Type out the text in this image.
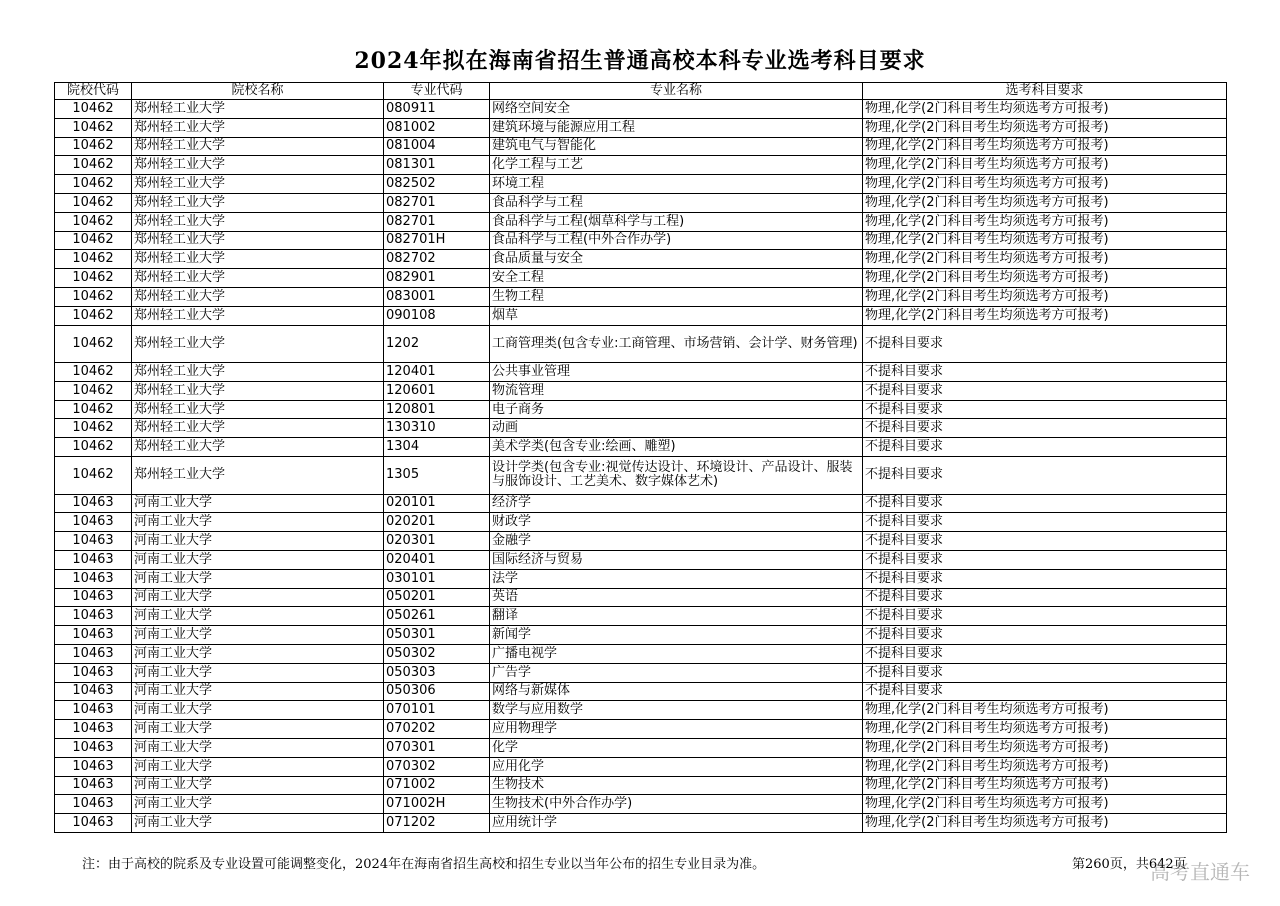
2024年拟在海南省招生普通高校本科专业选考科目要求
院校代码	院校名称	专业代码	专业名称	选考科目要求
10462	郑州轻工业大学	080911	网络空间安全	物理,化学(2门科目考生均须选考方可报考)
10462	郑州轻工业大学	081002	建筑环境与能源应用工程	物理,化学(2门科目考生均须选考方可报考)
10462	郑州轻工业大学	081004	建筑电气与智能化	物理,化学(2门科目考生均须选考方可报考)
10462	郑州轻工业大学	081301	化学工程与工艺	物理,化学(2门科目考生均须选考方可报考)
10462	郑州轻工业大学	082502	环境工程	物理,化学(2门科目考生均须选考方可报考)
10462	郑州轻工业大学	082701	食品科学与工程	物理,化学(2门科目考生均须选考方可报考)
10462	郑州轻工业大学	082701	食品科学与工程(烟草科学与工程)	物理,化学(2门科目考生均须选考方可报考)
10462	郑州轻工业大学	082701H	食品科学与工程(中外合作办学)	物理,化学(2门科目考生均须选考方可报考)
10462	郑州轻工业大学	082702	食品质量与安全	物理,化学(2门科目考生均须选考方可报考)
10462	郑州轻工业大学	082901	安全工程	物理,化学(2门科目考生均须选考方可报考)
10462	郑州轻工业大学	083001	生物工程	物理,化学(2门科目考生均须选考方可报考)
10462	郑州轻工业大学	090108	烟草	物理,化学(2门科目考生均须选考方可报考)
10462	郑州轻工业大学	1202	工商管理类(包含专业:工商管理、市场营销、会计学、财务管理)	不提科目要求
10462	郑州轻工业大学	120401	公共事业管理	不提科目要求
10462	郑州轻工业大学	120601	物流管理	不提科目要求
10462	郑州轻工业大学	120801	电子商务	不提科目要求
10462	郑州轻工业大学	130310	动画	不提科目要求
10462	郑州轻工业大学	1304	美术学类(包含专业:绘画、雕塑)	不提科目要求
10462	郑州轻工业大学	1305	设计学类(包含专业:视觉传达设计、环境设计、产品设计、服装与服饰设计、工艺美术、数字媒体艺术)	不提科目要求
10463	河南工业大学	020101	经济学	不提科目要求
10463	河南工业大学	020201	财政学	不提科目要求
10463	河南工业大学	020301	金融学	不提科目要求
10463	河南工业大学	020401	国际经济与贸易	不提科目要求
10463	河南工业大学	030101	法学	不提科目要求
10463	河南工业大学	050201	英语	不提科目要求
10463	河南工业大学	050261	翻译	不提科目要求
10463	河南工业大学	050301	新闻学	不提科目要求
10463	河南工业大学	050302	广播电视学	不提科目要求
10463	河南工业大学	050303	广告学	不提科目要求
10463	河南工业大学	050306	网络与新媒体	不提科目要求
10463	河南工业大学	070101	数学与应用数学	物理,化学(2门科目考生均须选考方可报考)
10463	河南工业大学	070202	应用物理学	物理,化学(2门科目考生均须选考方可报考)
10463	河南工业大学	070301	化学	物理,化学(2门科目考生均须选考方可报考)
10463	河南工业大学	070302	应用化学	物理,化学(2门科目考生均须选考方可报考)
10463	河南工业大学	071002	生物技术	物理,化学(2门科目考生均须选考方可报考)
10463	河南工业大学	071002H	生物技术(中外合作办学)	物理,化学(2门科目考生均须选考方可报考)
10463	河南工业大学	071202	应用统计学	物理,化学(2门科目考生均须选考方可报考)
注：由于高校的院系及专业设置可能调整变化，2024年在海南省招生高校和招生专业以当年公布的招生专业目录为准。	第260页，共642页
高考直通车
